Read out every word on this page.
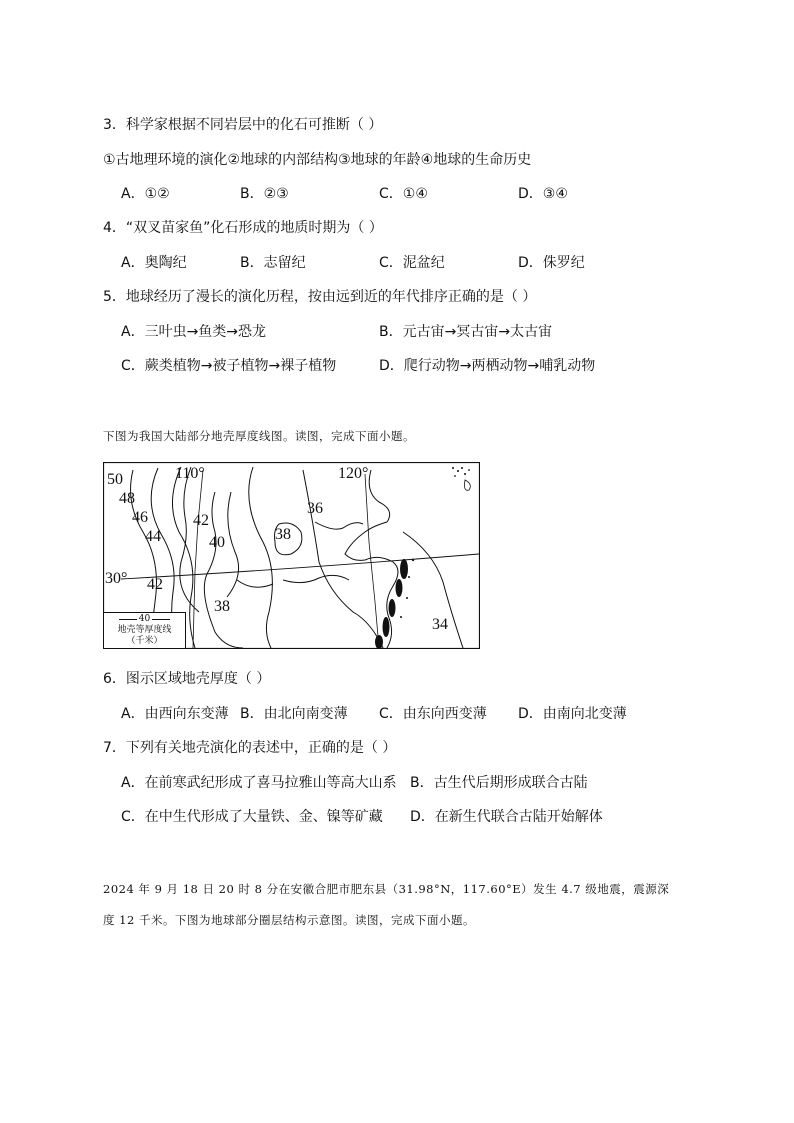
3．科学家根据不同岩层中的化石可推断（ ）
①古地理环境的演化②地球的内部结构③地球的年龄④地球的生命历史
A．①②	B．②③	C．①④	D．③④
4．“双叉苗家鱼”化石形成的地质时期为（ ）
A．奥陶纪	B．志留纪	C．泥盆纪	D．侏罗纪
5．地球经历了漫长的演化历程，按由远到近的年代排序正确的是（ ）
A．三叶虫→鱼类→恐龙	B．元古宙→冥古宙→太古宙
C．蕨类植物→被子植物→裸子植物	D．爬行动物→两栖动物→哺乳动物
下图为我国大陆部分地壳厚度线图。读图，完成下面小题。
50
48
46
44
42
40	38
36
30° 42
38
34
110°	120°
40
地壳等厚度线
（千米）
6．图示区域地壳厚度（ ）
A．由西向东变薄 B．由北向南变薄 C．由东向西变薄 D．由南向北变薄
7．下列有关地壳演化的表述中，正确的是（ ）
A．在前寒武纪形成了喜马拉雅山等高大山系 B．古生代后期形成联合古陆
C．在中生代形成了大量铁、金、镍等矿藏 D．在新生代联合古陆开始解体
2024 年 9 月 18 日 20 时 8 分在安徽合肥市肥东县（31.98°N，117.60°E）发生 4.7 级地震，震源深
度 12 千米。下图为地球部分圈层结构示意图。读图，完成下面小题。
